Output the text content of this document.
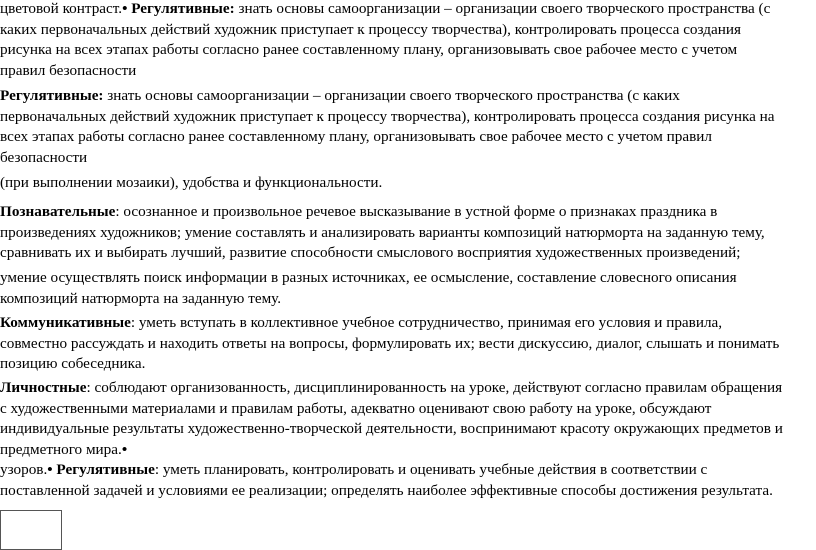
цветовой контраст.• Регулятивные: знать основы самоорганизации – организации своего творческого пространства (с
каких первоначальных действий художник приступает к процессу творчества), контролировать процесса создания
рисунка на всех этапах работы согласно ранее составленному плану, организовывать свое рабочее место с учетом
правил безопасности

Регулятивные: знать основы самоорганизации – организации своего творческого пространства (с каких
первоначальных действий художник приступает к процессу творчества), контролировать процесса создания рисунка на
всех этапах работы согласно ранее составленному плану, организовывать свое рабочее место с учетом правил
безопасности

(при выполнении мозаики), удобства и функциональности.

Познавательные: осознанное и произвольное речевое высказывание в устной форме о признаках праздника в
произведениях художников; умение составлять и анализировать варианты композиций натюрморта на заданную тему,
сравнивать их и выбирать лучший, развитие способности смыслового восприятия художественных произведений;

умение осуществлять поиск информации в разных источниках, ее осмысление, составление словесного описания
композиций натюрморта на заданную тему.

Коммуникативные: уметь вступать в коллективное учебное сотрудничество, принимая его условия и правила,
совместно рассуждать и находить ответы на вопросы, формулировать их; вести дискуссию, диалог, слышать и понимать
позицию собеседника.

Личностные: соблюдают организованность, дисциплинированность на уроке, действуют согласно правилам обращения
с художественными материалами и правилам работы, адекватно оценивают свою работу на уроке, обсуждают
индивидуальные результаты художественно-творческой деятельности, воспринимают красоту окружающих предметов и
предметного мира.•

узоров.• Регулятивные: уметь планировать, контролировать и оценивать учебные действия в соответствии с
поставленной задачей и условиями ее реализации; определять наиболее эффективные способы достижения результата.
